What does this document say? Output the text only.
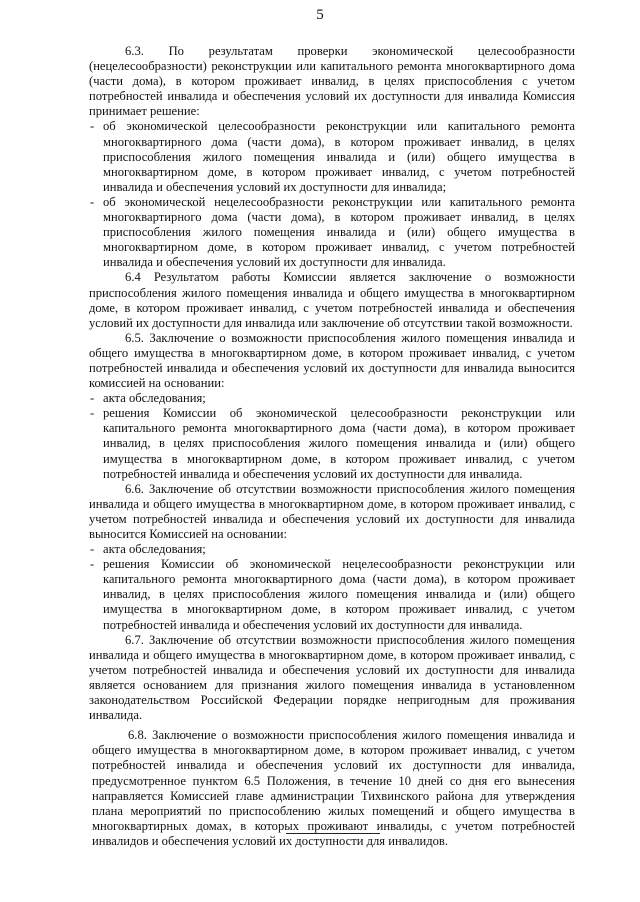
5

6.3. По результатам проверки экономической целесообразности (нецелесообразности) реконструкции или капитального ремонта многоквартирного дома (части дома), в котором проживает инвалид, в целях приспособления с учетом потребностей инвалида и обеспечения условий их доступности для инвалида Комиссия принимает решение:

- об экономической целесообразности реконструкции или капитального ремонта многоквартирного дома (части дома), в котором проживает инвалид, в целях приспособления жилого помещения инвалида и (или) общего имущества в многоквартирном доме, в котором проживает инвалид, с учетом потребностей инвалида и обеспечения условий их доступности для инвалида;
- об экономической нецелесообразности реконструкции или капитального ремонта многоквартирного дома (части дома), в котором проживает инвалид, в целях приспособления жилого помещения инвалида и (или) общего имущества в многоквартирном доме, в котором проживает инвалид, с учетом потребностей инвалида и обеспечения условий их доступности для инвалида.

6.4 Результатом работы Комиссии является заключение о возможности приспособления жилого помещения инвалида и общего имущества в многоквартирном доме, в котором проживает инвалид, с учетом потребностей инвалида и обеспечения условий их доступности для инвалида или заключение об отсутствии такой возможности.

6.5. Заключение о возможности приспособления жилого помещения инвалида и общего имущества в многоквартирном доме, в котором проживает инвалид, с учетом потребностей инвалида и обеспечения условий их доступности для инвалида выносится комиссией на основании:

- акта обследования;
- решения Комиссии об экономической целесообразности реконструкции или капитального ремонта многоквартирного дома (части дома), в котором проживает инвалид, в целях приспособления жилого помещения инвалида и (или) общего имущества в многоквартирном доме, в котором проживает инвалид, с учетом потребностей инвалида и обеспечения условий их доступности для инвалида.

6.6. Заключение об отсутствии возможности приспособления жилого помещения инвалида и общего имущества в многоквартирном доме, в котором проживает инвалид, с учетом потребностей инвалида и обеспечения условий их доступности для инвалида выносится Комиссией на основании:

- акта обследования;
- решения Комиссии об экономической нецелесообразности реконструкции или капитального ремонта многоквартирного дома (части дома), в котором проживает инвалид, в целях приспособления жилого помещения инвалида и (или) общего имущества в многоквартирном доме, в котором проживает инвалид, с учетом потребностей инвалида и обеспечения условий их доступности для инвалида.

6.7. Заключение об отсутствии возможности приспособления жилого помещения инвалида и общего имущества в многоквартирном доме, в котором проживает инвалид, с учетом потребностей инвалида и обеспечения условий их доступности для инвалида является основанием для признания жилого помещения инвалида в установленном законодательством Российской Федерации порядке непригодным для проживания инвалида.

6.8. Заключение о возможности приспособления жилого помещения инвалида и общего имущества в многоквартирном доме, в котором проживает инвалид, с учетом потребностей инвалида и обеспечения условий их доступности для инвалида, предусмотренное пунктом 6.5 Положения, в течение 10 дней со дня его вынесения направляется Комиссией главе администрации Тихвинского района для утверждения плана мероприятий по приспособлению жилых помещений и общего имущества в многоквартирных домах, в которых проживают инвалиды, с учетом потребностей инвалидов и обеспечения условий их доступности для инвалидов.
